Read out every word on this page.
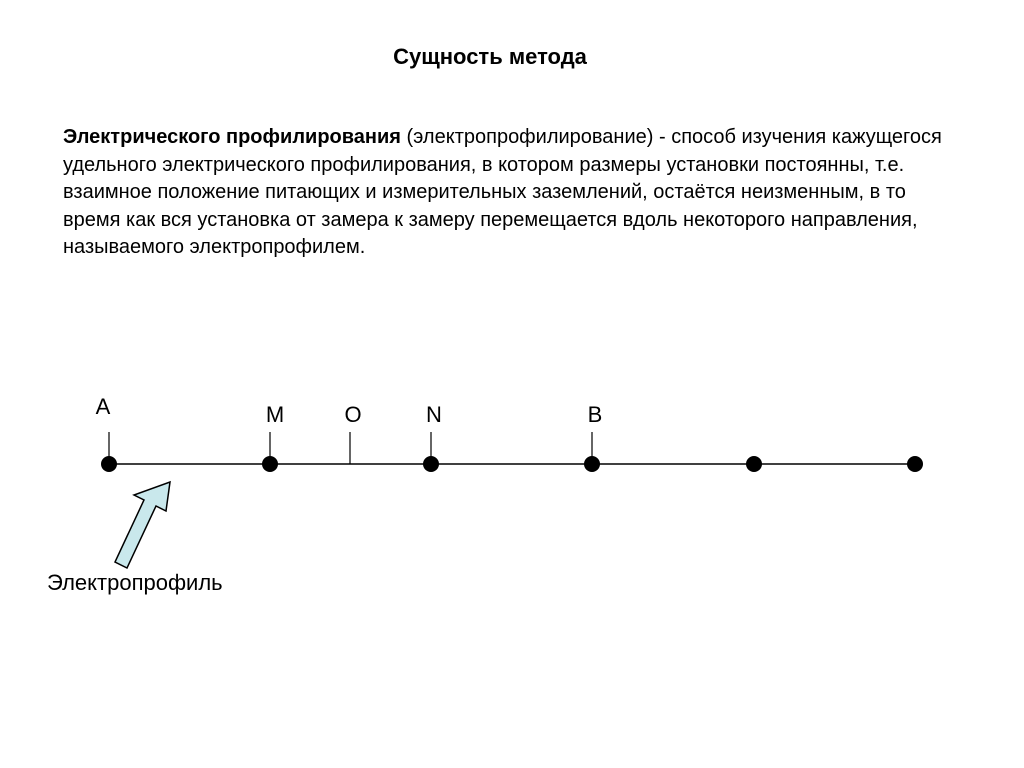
Сущность метода
Электрического профилирования (электропрофилирование) - способ изучения кажущегося удельного электрического профилирования, в котором размеры установки постоянны, т.е. взаимное положение питающих и измерительных заземлений, остаётся неизменным, в то время как вся установка от замера к замеру перемещается вдоль некоторого направления, называемого электропрофилем.
A	M	O	N	B
Электропрофиль
